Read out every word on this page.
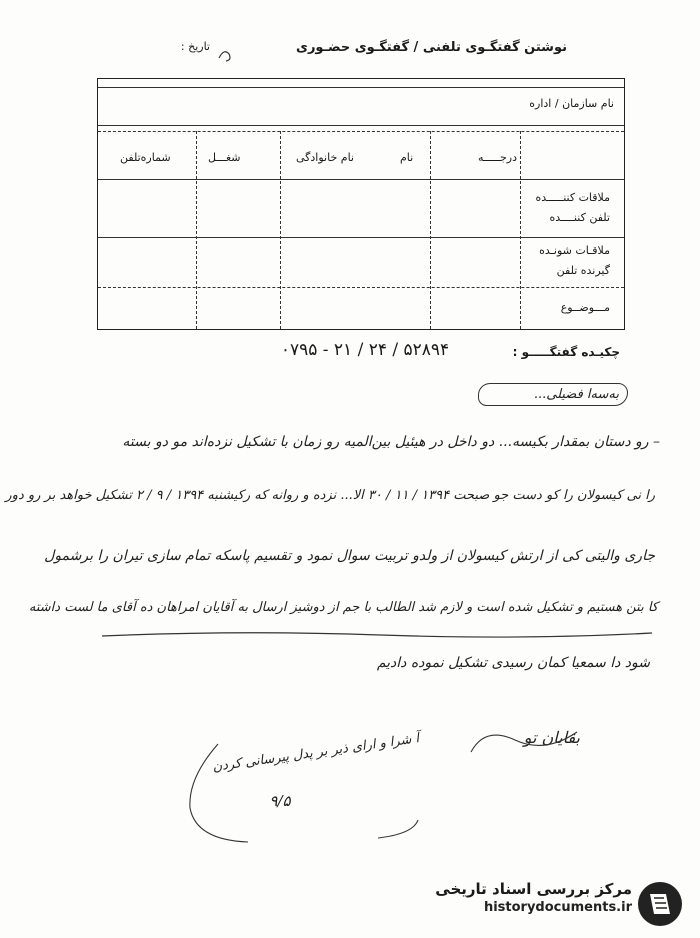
نوشتن گفتگـوی تلفنی / گفتگـوی حضـوری
تاریخ :
نام سازمان / اداره
درجـــــه
نام
نام خانوادگی
شغـــل
شماره‌تلفن
ملاقات کننـــــده
تلفن کننــــده
ملاقـات شونـده
گیرنده تلفن
مـــوضــوع
چکیـده گفتگـــــو :
۰۷۹۵ - ۲۱ / ۲۴ / ۵۲۸۹۴
به‌سه‌ا فضیلی...
– رو دستان بمقدار بکیسه... دو داخل در هیئیل بین‌المیه رو زمان با تشکیل نزده‌اند مو دو بسته
را نی کیسولان را کو دست جو صبحت ۱۳۹۴ / ۱۱ / ۳۰ الا... نزده و روانه که رکیشنبه ۱۳۹۴ / ۹ / ۲ تشکیل خواهد بر رو دور
جاری والیتی کی از ارتش کیسولان از ولدو تربیت سوال نمود و تقسیم پاسکه تمام سازی تیران را برشمول
کا بتن هستیم و تشکیل شده است و لازم شد الطالب با جم از دوشیز ارسال به آقایان امراهان ده آقای ما لست داشته
شود دا سمعیا کمان رسیدی تشکیل نموده دادیم
بقایان تو
آ شرا و ارای ذیر بر پدل پیرسانی کردن
۹/۵
مرکز بررسی اسناد تاریخی
historydocuments.ir
